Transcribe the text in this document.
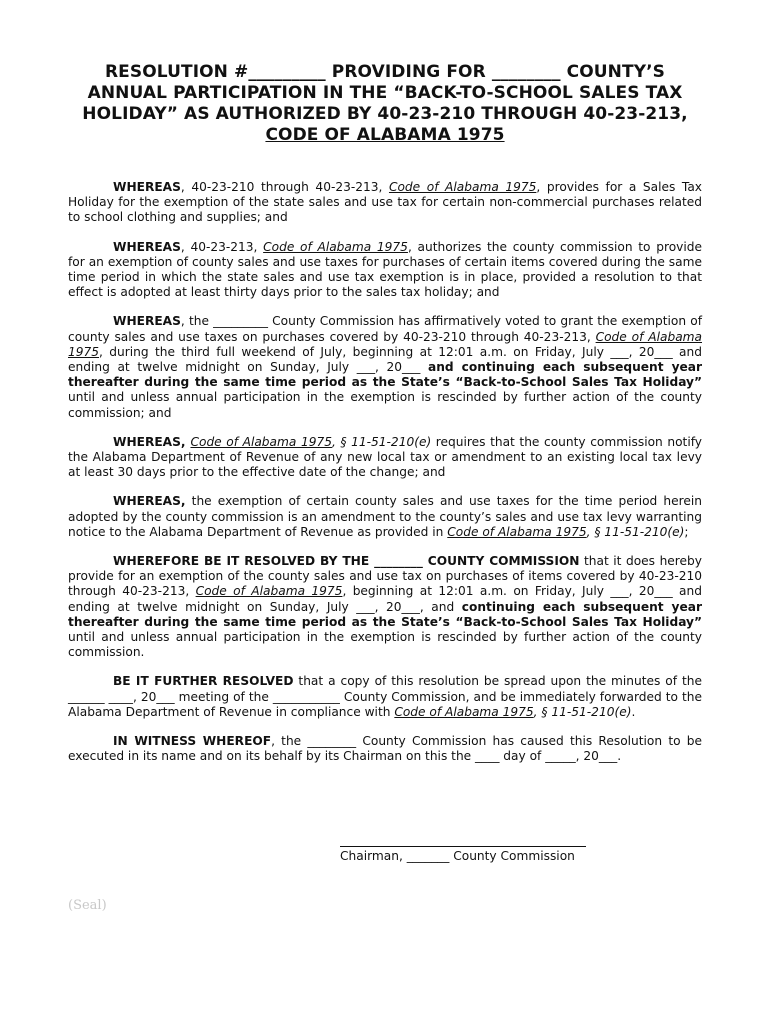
RESOLUTION #_________ PROVIDING FOR ________ COUNTY’S
ANNUAL PARTICIPATION IN THE “BACK-TO-SCHOOL SALES TAX
HOLIDAY” AS AUTHORIZED BY 40-23-210 THROUGH 40-23-213,
CODE OF ALABAMA 1975

WHEREAS, 40-23-210 through 40-23-213, Code of Alabama 1975, provides for a Sales Tax Holiday for the exemption of the state sales and use tax for certain non-commercial purchases related to school clothing and supplies; and

WHEREAS, 40-23-213, Code of Alabama 1975, authorizes the county commission to provide for an exemption of county sales and use taxes for purchases of certain items covered during the same time period in which the state sales and use tax exemption is in place, provided a resolution to that effect is adopted at least thirty days prior to the sales tax holiday; and

WHEREAS, the _________ County Commission has affirmatively voted to grant the exemption of county sales and use taxes on purchases covered by 40-23-210 through 40-23-213, Code of Alabama 1975, during the third full weekend of July, beginning at 12:01 a.m. on Friday, July ___, 20___ and ending at twelve midnight on Sunday, July ___, 20___ and continuing each subsequent year thereafter during the same time period as the State’s “Back-to-School Sales Tax Holiday” until and unless annual participation in the exemption is rescinded by further action of the county commission; and

WHEREAS, Code of Alabama 1975, § 11-51-210(e) requires that the county commission notify the Alabama Department of Revenue of any new local tax or amendment to an existing local tax levy at least 30 days prior to the effective date of the change; and

WHEREAS, the exemption of certain county sales and use taxes for the time period herein adopted by the county commission is an amendment to the county’s sales and use tax levy warranting notice to the Alabama Department of Revenue as provided in Code of Alabama 1975, § 11-51-210(e);

WHEREFORE BE IT RESOLVED BY THE ________ COUNTY COMMISSION that it does hereby provide for an exemption of the county sales and use tax on purchases of items covered by 40-23-210 through 40-23-213, Code of Alabama 1975, beginning at 12:01 a.m. on Friday, July ___, 20___ and ending at twelve midnight on Sunday, July ___, 20___, and continuing each subsequent year thereafter during the same time period as the State’s “Back-to-School Sales Tax Holiday” until and unless annual participation in the exemption is rescinded by further action of the county commission.

BE IT FURTHER RESOLVED that a copy of this resolution be spread upon the minutes of the ______ ____, 20___ meeting of the ___________ County Commission, and be immediately forwarded to the Alabama Department of Revenue in compliance with Code of Alabama 1975, § 11-51-210(e).

IN WITNESS WHEREOF, the ________ County Commission has caused this Resolution to be executed in its name and on its behalf by its Chairman on this the ____ day of _____, 20___.

Chairman, _______ County Commission
(Seal)
